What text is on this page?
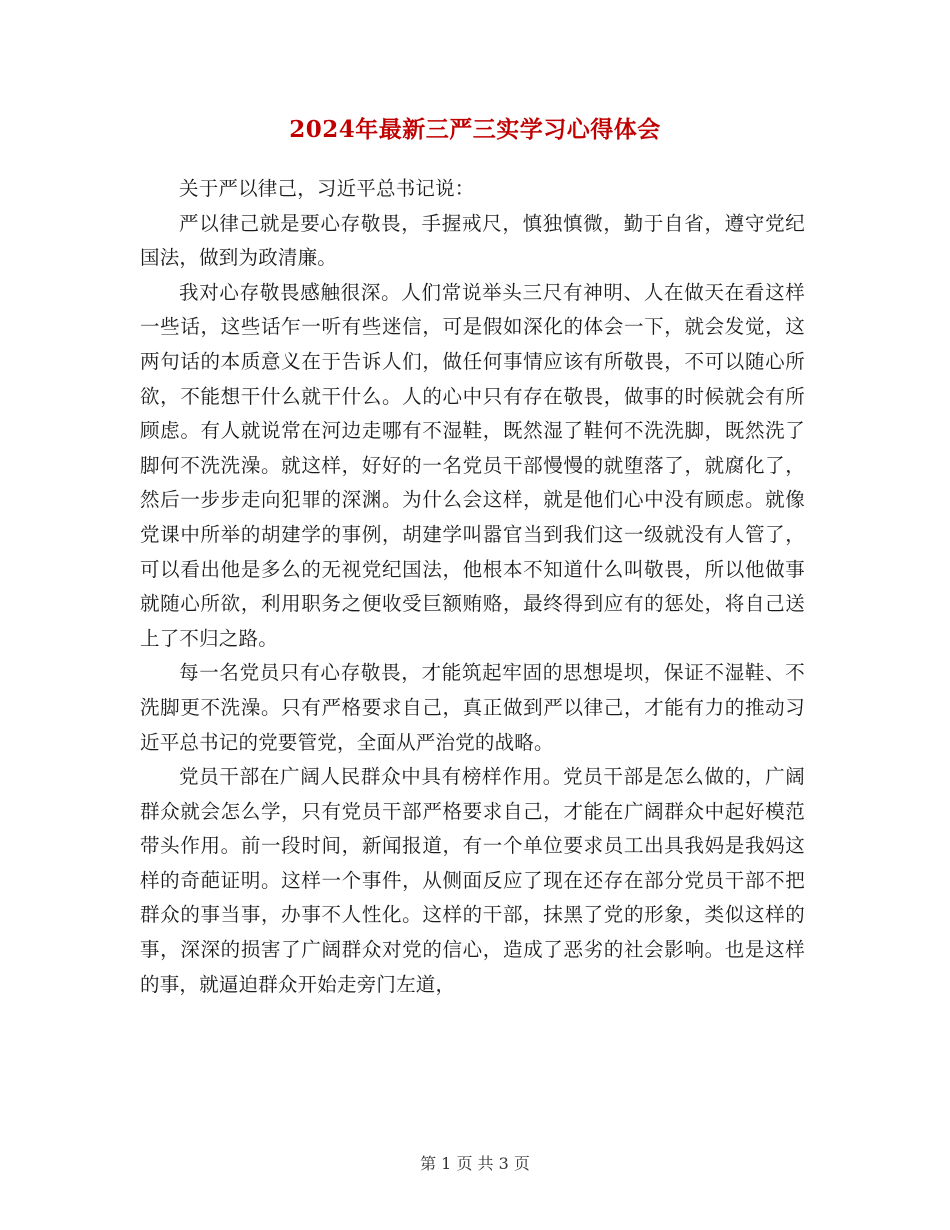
2024年最新三严三实学习心得体会

关于严以律己，习近平总书记说：

严以律己就是要心存敬畏，手握戒尺，慎独慎微，勤于自省，遵守党纪国法，做到为政清廉。

我对心存敬畏感触很深。人们常说举头三尺有神明、人在做天在看这样一些话，这些话乍一听有些迷信，可是假如深化的体会一下，就会发觉，这两句话的本质意义在于告诉人们，做任何事情应该有所敬畏，不可以随心所欲，不能想干什么就干什么。人的心中只有存在敬畏，做事的时候就会有所顾虑。有人就说常在河边走哪有不湿鞋，既然湿了鞋何不洗洗脚，既然洗了脚何不洗洗澡。就这样，好好的一名党员干部慢慢的就堕落了，就腐化了，然后一步步走向犯罪的深渊。为什么会这样，就是他们心中没有顾虑。就像党课中所举的胡建学的事例，胡建学叫嚣官当到我们这一级就没有人管了，可以看出他是多么的无视党纪国法，他根本不知道什么叫敬畏，所以他做事就随心所欲，利用职务之便收受巨额贿赂，最终得到应有的惩处，将自己送上了不归之路。

每一名党员只有心存敬畏，才能筑起牢固的思想堤坝，保证不湿鞋、不洗脚更不洗澡。只有严格要求自己，真正做到严以律己，才能有力的推动习近平总书记的党要管党，全面从严治党的战略。

党员干部在广阔人民群众中具有榜样作用。党员干部是怎么做的，广阔群众就会怎么学，只有党员干部严格要求自己，才能在广阔群众中起好模范带头作用。前一段时间，新闻报道，有一个单位要求员工出具我妈是我妈这样的奇葩证明。这样一个事件，从侧面反应了现在还存在部分党员干部不把群众的事当事，办事不人性化。这样的干部，抹黑了党的形象，类似这样的事，深深的损害了广阔群众对党的信心，造成了恶劣的社会影响。也是这样的事，就逼迫群众开始走旁门左道，

第 1 页 共 3 页
